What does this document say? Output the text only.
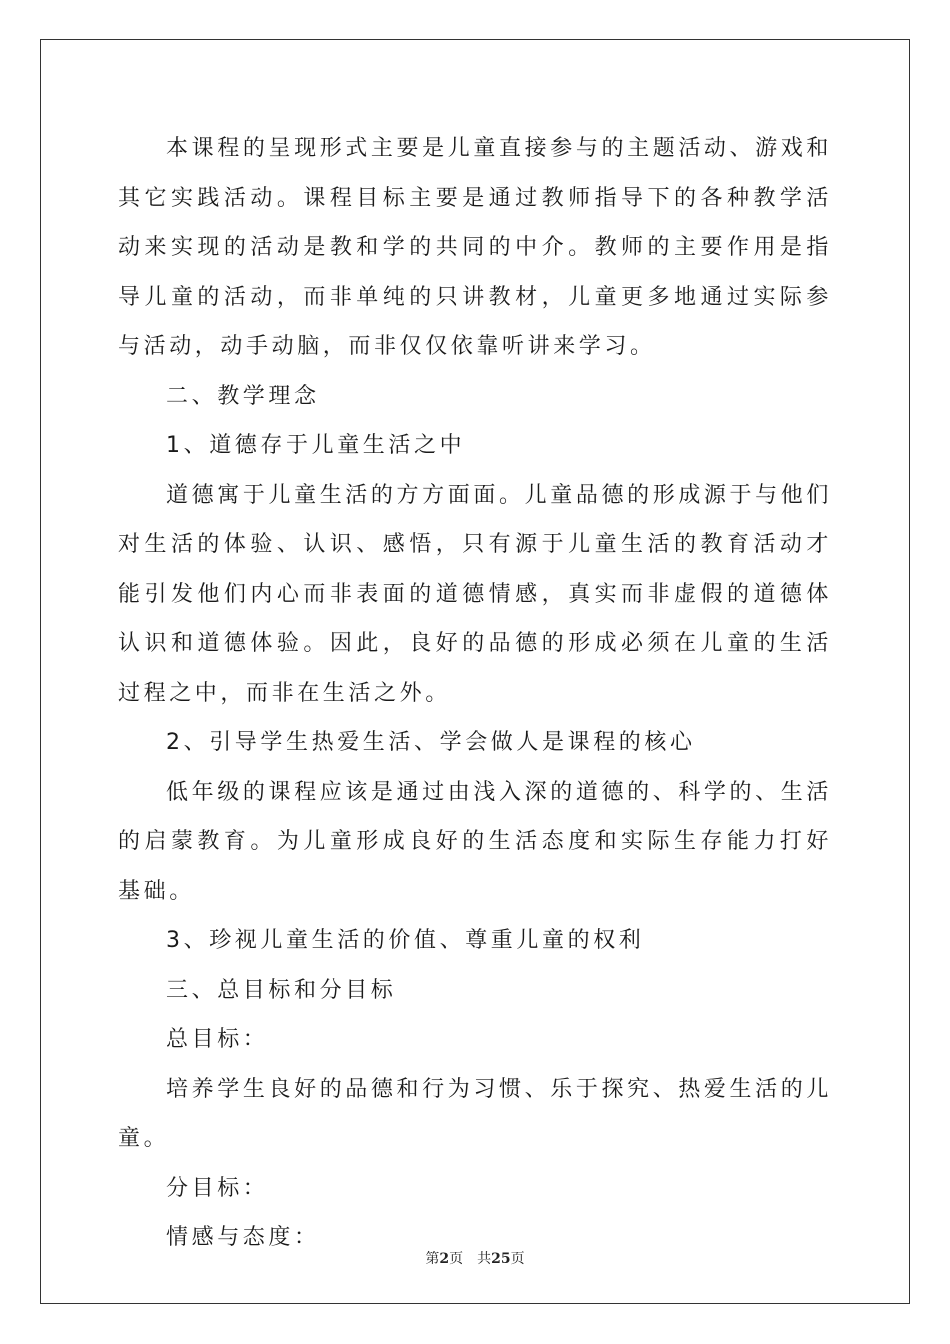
本课程的呈现形式主要是儿童直接参与的主题活动、游戏和其它实践活动。课程目标主要是通过教师指导下的各种教学活动来实现的活动是教和学的共同的中介。教师的主要作用是指导儿童的活动，而非单纯的只讲教材，儿童更多地通过实际参与活动，动手动脑，而非仅仅依靠听讲来学习。

二、教学理念

1、道德存于儿童生活之中

道德寓于儿童生活的方方面面。儿童品德的形成源于与他们对生活的体验、认识、感悟，只有源于儿童生活的教育活动才能引发他们内心而非表面的道德情感，真实而非虚假的道德体认识和道德体验。因此，良好的品德的形成必须在儿童的生活过程之中，而非在生活之外。

2、引导学生热爱生活、学会做人是课程的核心

低年级的课程应该是通过由浅入深的道德的、科学的、生活的启蒙教育。为儿童形成良好的生活态度和实际生存能力打好基础。

3、珍视儿童生活的价值、尊重儿童的权利

三、总目标和分目标

总目标：

培养学生良好的品德和行为习惯、乐于探究、热爱生活的儿童。

分目标：

情感与态度：

第2页 共25页
